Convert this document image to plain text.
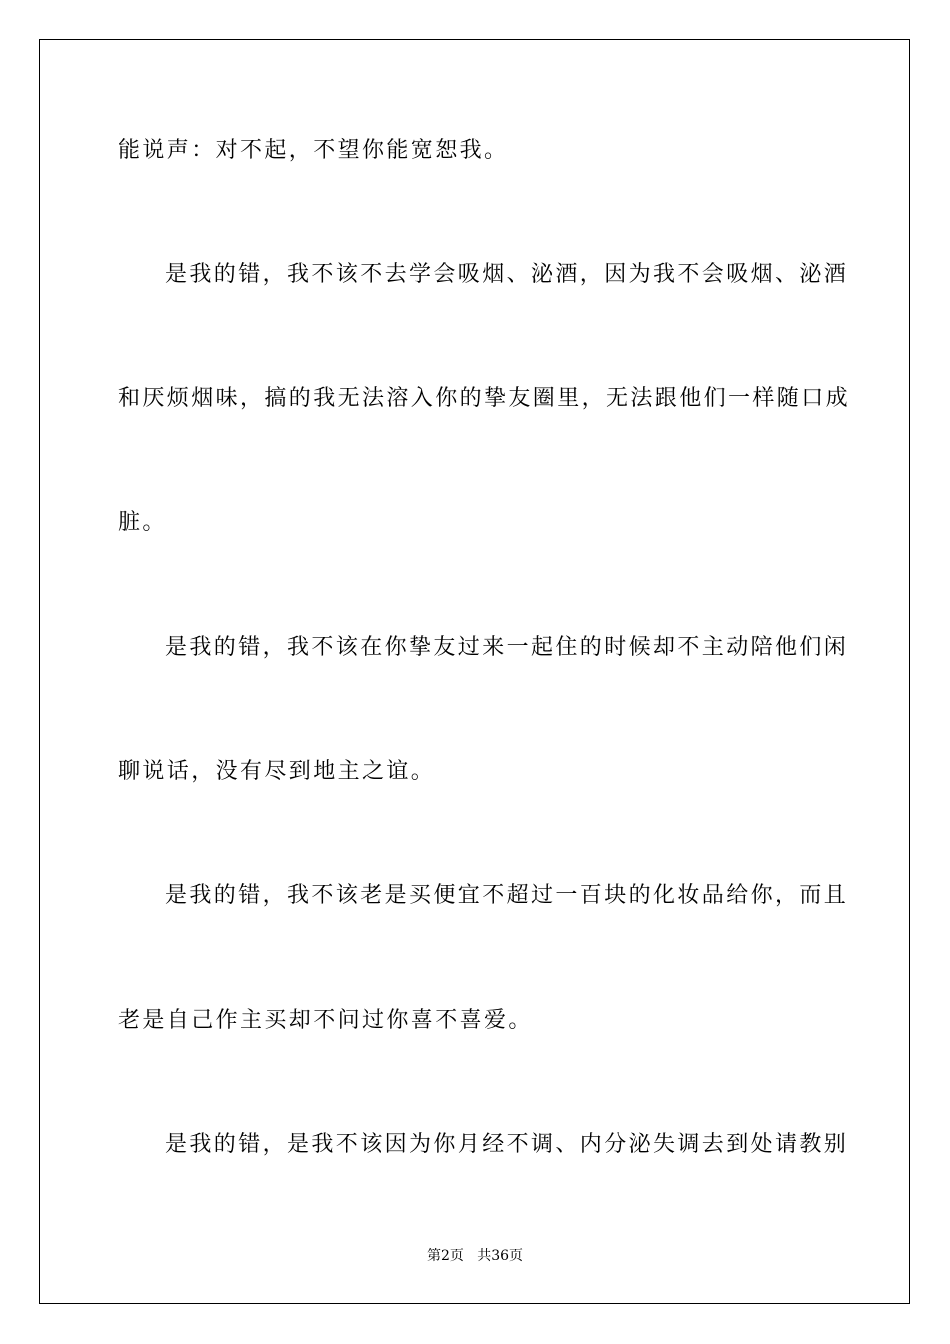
能说声：对不起，不望你能宽恕我。
是我的错，我不该不去学会吸烟、泌酒，因为我不会吸烟、泌酒
和厌烦烟味，搞的我无法溶入你的挚友圈里，无法跟他们一样随口成
脏。
是我的错，我不该在你挚友过来一起住的时候却不主动陪他们闲
聊说话，没有尽到地主之谊。
是我的错，我不该老是买便宜不超过一百块的化妆品给你，而且
老是自己作主买却不问过你喜不喜爱。
是我的错，是我不该因为你月经不调、内分泌失调去到处请教别
第2页   共36页
